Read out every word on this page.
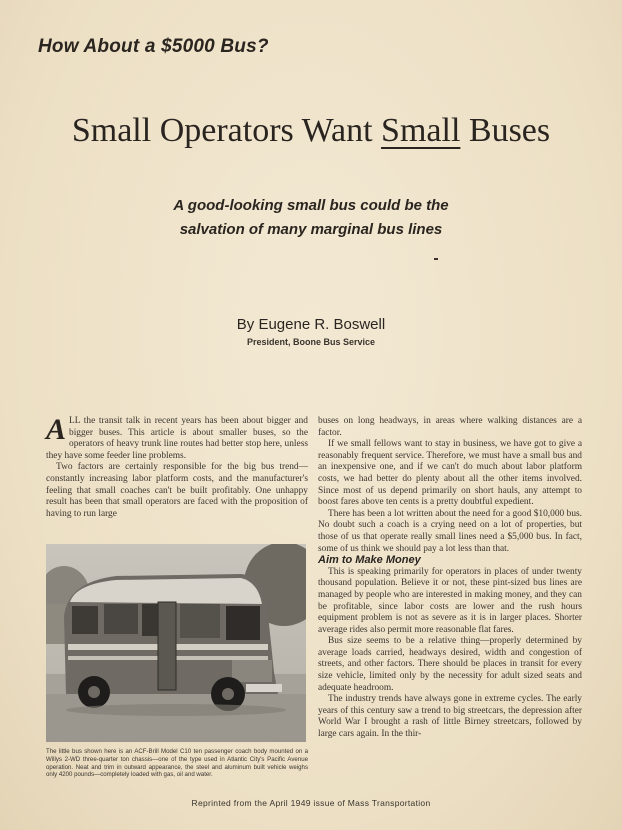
How About a $5000 Bus?
Small Operators Want Small Buses
A good-looking small bus could be the
salvation of many marginal bus lines
By Eugene R. Boswell
President, Boone Bus Service

ALL the transit talk in recent years has been about bigger and bigger buses. This article is about smaller buses, so the operators of heavy trunk line routes had better stop here, unless they have some feeder line problems.

Two factors are certainly responsible for the big bus trend—constantly increasing labor platform costs, and the manufacturer's feeling that small coaches can't be built profitably. One unhappy result has been that small operators are faced with the proposition of having to run large

The little bus shown here is an ACF-Brill Model C10 ten passenger coach body mounted on a Willys 2-WD three-quarter ton chassis—one of the type used in Atlantic City's Pacific Avenue operation. Neat and trim in outward appearance, the steel and aluminum built vehicle weighs only 4200 pounds—completely loaded with gas, oil and water.

buses on long headways, in areas where walking distances are a factor.

If we small fellows want to stay in business, we have got to give a reasonably frequent service. Therefore, we must have a small bus and an inexpensive one, and if we can't do much about labor platform costs, we had better do plenty about all the other items involved. Since most of us depend primarily on short hauls, any attempt to boost fares above ten cents is a pretty doubtful expedient.

There has been a lot written about the need for a good $10,000 bus. No doubt such a coach is a crying need on a lot of properties, but those of us that operate really small lines need a $5,000 bus. In fact, some of us think we should pay a lot less than that.

Aim to Make Money

This is speaking primarily for operators in places of under twenty thousand population. Believe it or not, these pint-sized bus lines are managed by people who are interested in making money, and they can be profitable, since labor costs are lower and the rush hours equipment problem is not as severe as it is in larger places. Shorter average rides also permit more reasonable flat fares.

Bus size seems to be a relative thing—properly determined by average loads carried, headways desired, width and congestion of streets, and other factors. There should be places in transit for every size vehicle, limited only by the necessity for adult sized seats and adequate headroom.

The industry trends have always gone in extreme cycles. The early years of this century saw a trend to big streetcars, the depression after World War I brought a rash of little Birney streetcars, followed by large cars again. In the thir-

Reprinted from the April 1949 issue of Mass Transportation
